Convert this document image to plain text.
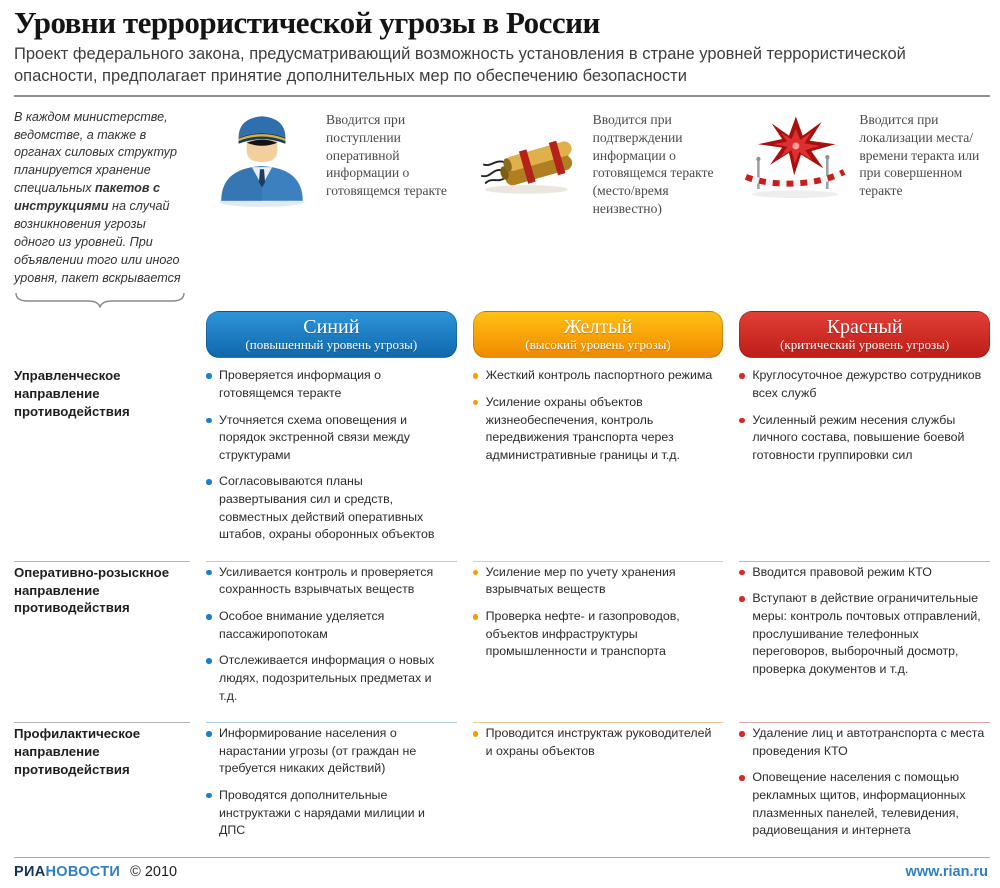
Уровни террористической угрозы в России

Проект федерального закона, предусматривающий возможность установления в стране уровней террористической опасности, предполагает принятие дополнительных мер по обеспечению безопасности

В каждом министерстве, ведомстве, а также в органах силовых структур планируется хранение специальных пакетов с инструкциями на случай возникновения угрозы одного из уровней. При объявлении того или иного уровня, пакет вскрывается

Вводится при поступлении оперативной информации о готовящемся теракте

Вводится при подтверждении информации о готовящемся теракте (место/время неизвестно)

Вводится при локализации места/времени теракта или при совершенном теракте

Синий
(повышенный уровень угрозы)
Желтый
(высокий уровень угрозы)
Красный
(критический уровень угрозы)
Управленческое направление противодействия
Проверяется информация о готовящемся теракте
Уточняется схема оповещения и порядок экстренной связи между структурами
Согласовываются планы развертывания сил и средств, совместных действий оперативных штабов, охраны оборонных объектов
Жесткий контроль паспортного режима
Усиление охраны объектов жизнеобеспечения, контроль передвижения транспорта через административные границы и т.д.
Круглосуточное дежурство сотрудников всех служб
Усиленный режим несения службы личного состава, повышение боевой готовности группировки сил
Оперативно-розыскное направление противодействия
Усиливается контроль и проверяется сохранность взрывчатых веществ
Особое внимание уделяется пассажиропотокам
Отслеживается информация о новых людях, подозрительных предметах и т.д.
Усиление мер по учету хранения взрывчатых веществ
Проверка нефте- и газопроводов, объектов инфраструктуры промышленности и транспорта
Вводится правовой режим КТО
Вступают в действие ограничительные меры: контроль почтовых отправлений, прослушивание телефонных переговоров, выборочный досмотр, проверка документов и т.д.
Профилактическое направление противодействия
Информирование населения о нарастании угрозы (от граждан не требуется никаких действий)
Проводятся дополнительные инструктажи с нарядами милиции и ДПС
Проводится инструктаж руководителей и охраны объектов
Удаление лиц и автотранспорта с места проведения КТО
Оповещение населения с помощью рекламных щитов, информационных плазменных панелей, телевидения, радиовещания и интернета
РИАНОВОСТИ © 2010	www.rian.ru
